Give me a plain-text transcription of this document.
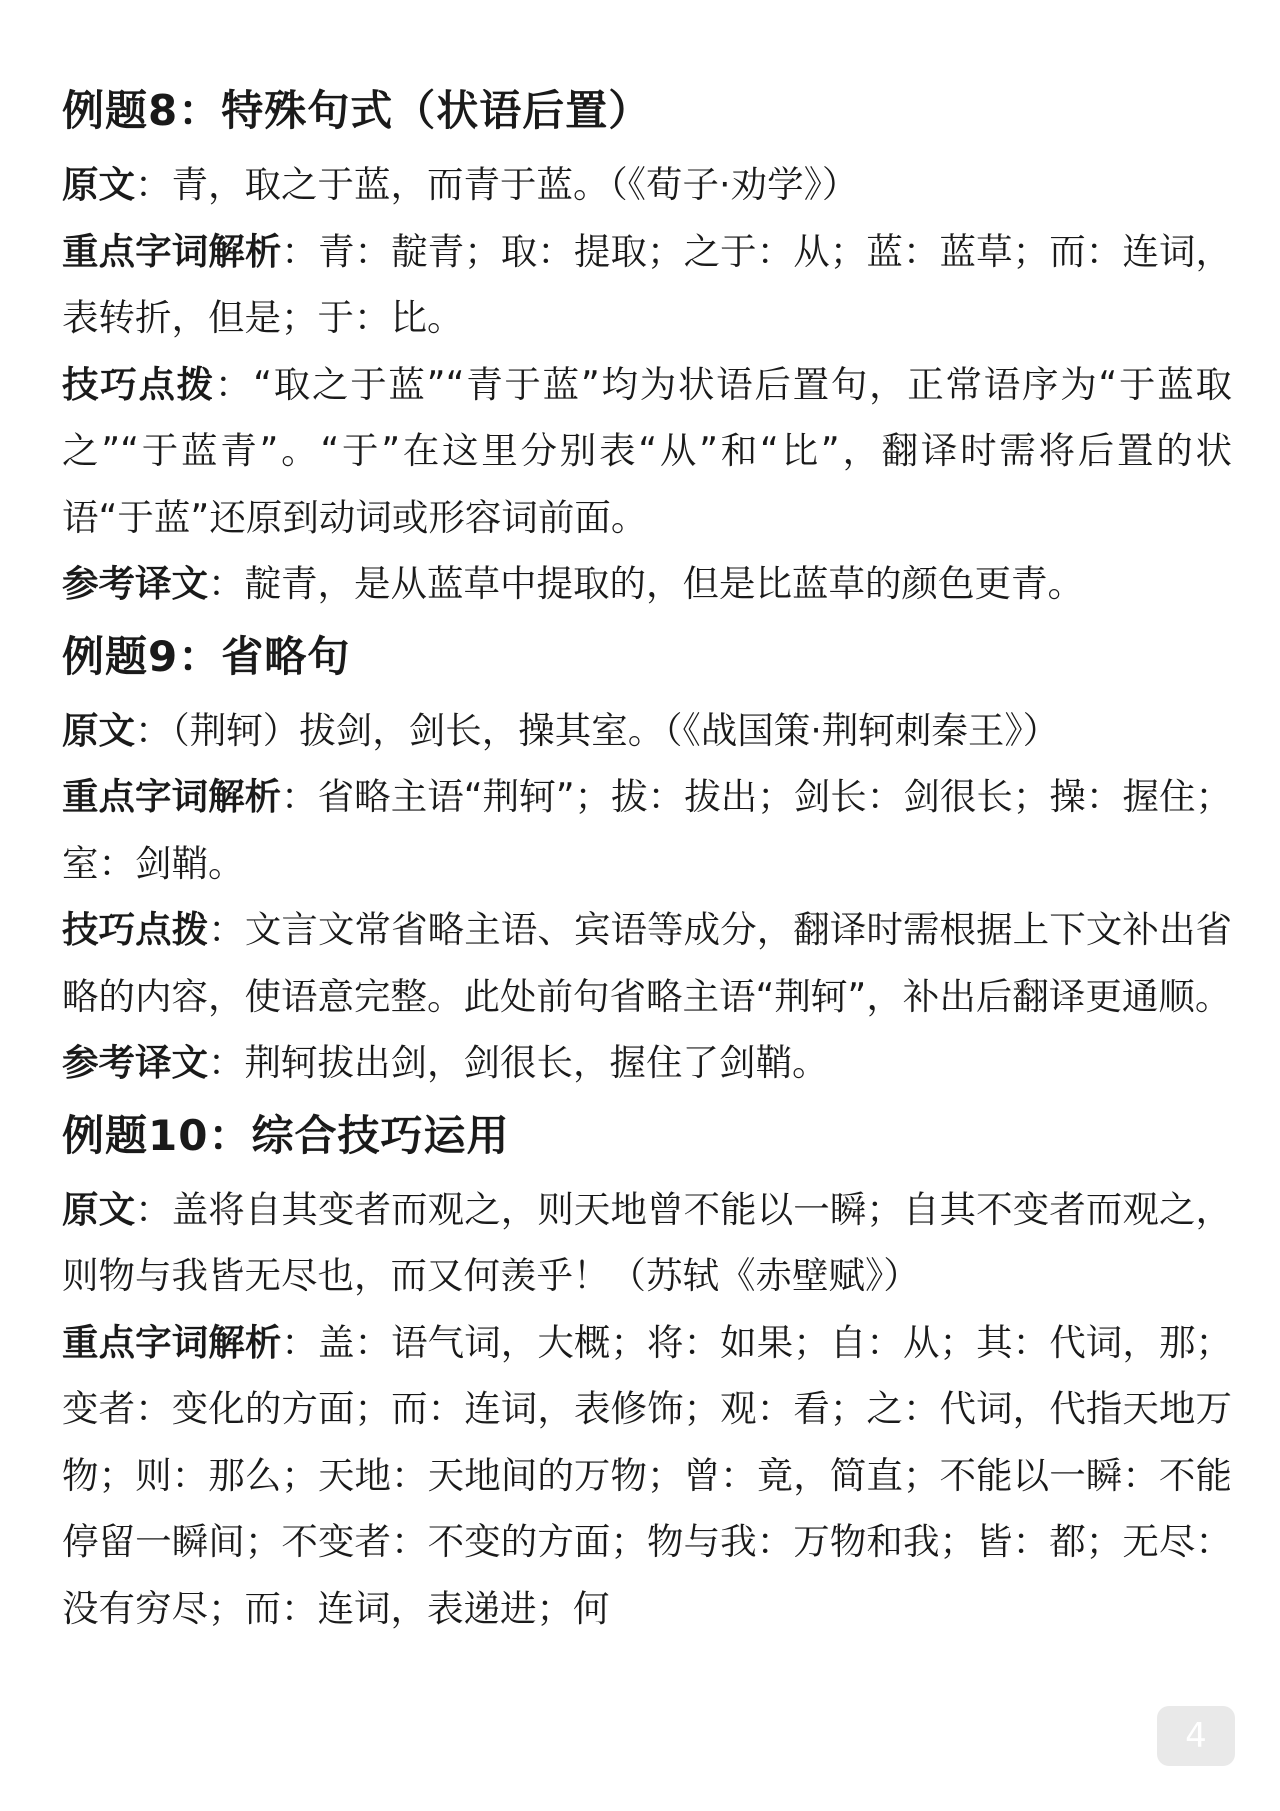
例题8：特殊句式（状语后置）

原文：青，取之于蓝，而青于蓝。（《荀子·劝学》）

重点字词解析：青：靛青；取：提取；之于：从；蓝：蓝草；而：连词，表转折，但是；于：比。

技巧点拨：“取之于蓝”“青于蓝”均为状语后置句，正常语序为“于蓝取之”“于蓝青”。“于”在这里分别表“从”和“比”，翻译时需将后置的状语“于蓝”还原到动词或形容词前面。

参考译文：靛青，是从蓝草中提取的，但是比蓝草的颜色更青。

例题9：省略句

原文：（荆轲）拔剑，剑长，操其室。（《战国策·荆轲刺秦王》）

重点字词解析：省略主语“荆轲”；拔：拔出；剑长：剑很长；操：握住；室：剑鞘。

技巧点拨：文言文常省略主语、宾语等成分，翻译时需根据上下文补出省略的内容，使语意完整。此处前句省略主语“荆轲”，补出后翻译更通顺。

参考译文：荆轲拔出剑，剑很长，握住了剑鞘。

例题10：综合技巧运用

原文：盖将自其变者而观之，则天地曾不能以一瞬；自其不变者而观之，则物与我皆无尽也，而又何羡乎！（苏轼《赤壁赋》）

重点字词解析：盖：语气词，大概；将：如果；自：从；其：代词，那；变者：变化的方面；而：连词，表修饰；观：看；之：代词，代指天地万物；则：那么；天地：天地间的万物；曾：竟，简直；不能以一瞬：不能停留一瞬间；不变者：不变的方面；物与我：万物和我；皆：都；无尽：没有穷尽；而：连词，表递进；何

4
